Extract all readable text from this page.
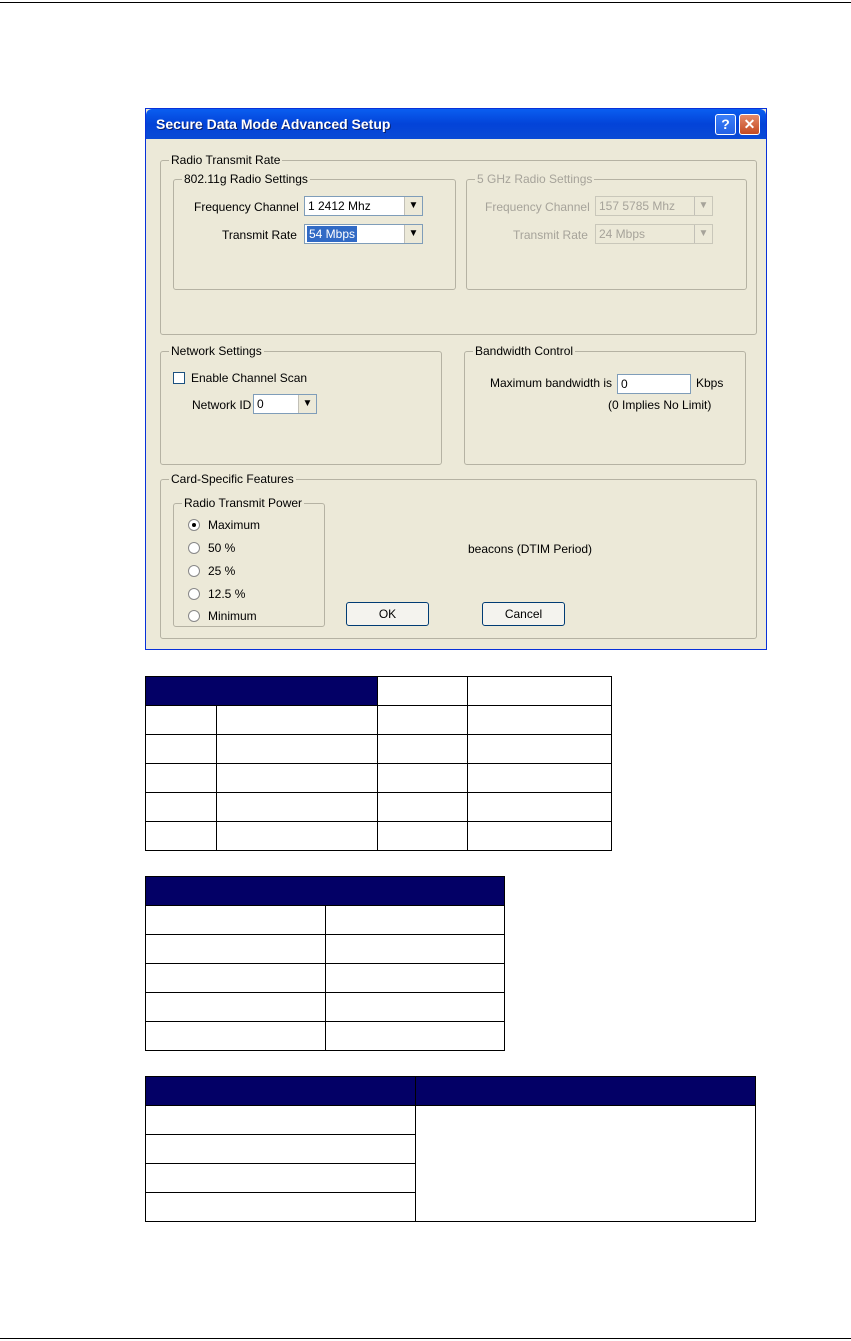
Secure Data Mode Advanced Setup	? ✕
Radio Transmit Rate
802.11g Radio Settings
Frequency Channel 1 2412 Mhz	▼
Transmit Rate 54 Mbps	▼
5 GHz Radio Settings
Frequency Channel 157 5785 Mhz	▼
Transmit Rate 24 Mbps	▼
Network Settings
Enable Channel Scan
Network ID 0	▼
Bandwidth Control
Maximum bandwidth is 0	Kbps
(0 Implies No Limit)
Card-Specific Features
Radio Transmit Power
Maximum
50 %
25 %
12.5 %
Minimum
beacons (DTIM Period)
OK	Cancel
